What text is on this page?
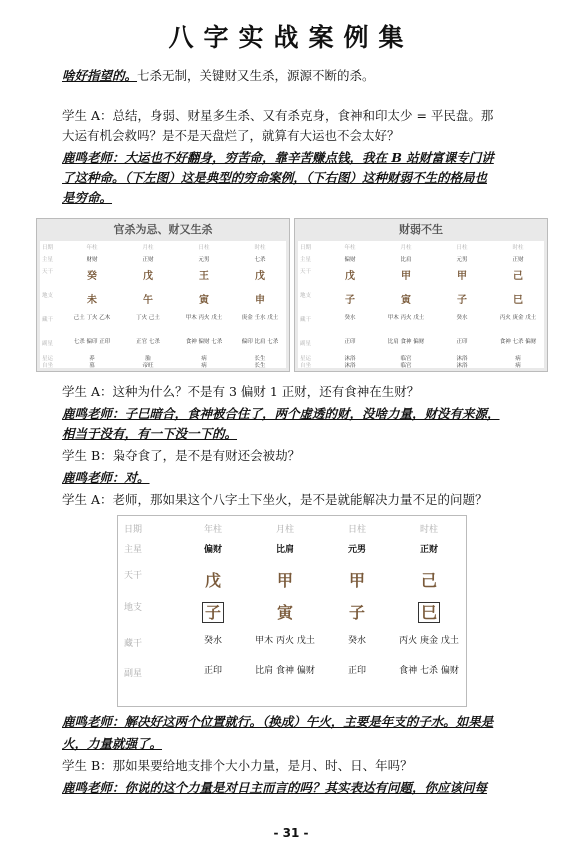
八字实战案例集
啥好指望的。七杀无制，关键财又生杀，源源不断的杀。
学生 A：总结，身弱、财星多生杀、又有杀克身，食神和印太少 = 平民盘。那
大运有机会救吗？是不是天盘烂了，就算有大运也不会太好？
鹿鸣老师：大运也不好翻身，穷苦命，靠辛苦赚点钱，我在 B 站财富课专门讲
了这种命。（下左图）这是典型的穷命案例，（下右图）这种财弱不生的格局也
是穷命。
官杀为忌、财又生杀
日期
主星
天干
地支
藏干
副星
星运
自坐
年柱
财财
癸
未
己土 丁火 乙木
七杀 偏印 正印
养
墓
月柱
正财
戊
午
丁火 己土
正官 七杀
胎
帝旺
日柱
元男
王
寅
甲木 丙火 戊土
食神 偏财 七杀
病
病
时柱
七杀
戊
申
庚金 壬水 戊土
偏印 比肩 七杀
长生
长生
财弱不生
日期
主星
天干
地支
藏干
副星
星运
自坐
年柱
偏财
戊
子
癸水
正印
沐浴
沐浴
月柱
比肩
甲
寅
甲木 丙火 戊土
比肩 食神 偏财
临官
临官
日柱
元男
甲
子
癸水
正印
沐浴
沐浴
时柱
正财
己
巳
丙火 庚金 戊土
食神 七杀 偏财
病
病
学生 A：这种为什么？不是有 3 偏财 1 正财，还有食神在生财？
鹿鸣老师：子巳暗合，食神被合住了，两个虚透的财，没啥力量，财没有来源，
相当于没有，有一下没一下的。
学生 B：枭夺食了，是不是有财还会被劫？
鹿鸣老师：对。
学生 A：老师，那如果这个八字土下坐火，是不是就能解决力量不足的问题？
日期
主星
天干
地支
藏干
副星
年柱
偏财
戊
子
癸水
正印
月柱
比肩
甲
寅
甲木 丙火 戊土
比肩 食神 偏财
日柱
元男
甲
子
癸水
正印
时柱
正财
己
巳
丙火 庚金 戊土
食神 七杀 偏财
鹿鸣老师：解决好这两个位置就行。（换成）午火，主要是年支的子水。如果是
火，力量就强了。
学生 B：那如果要给地支排个大小力量，是月、时、日、年吗？
鹿鸣老师：你说的这个力量是对日主而言的吗？其实表达有问题，你应该问每
- 31 -
